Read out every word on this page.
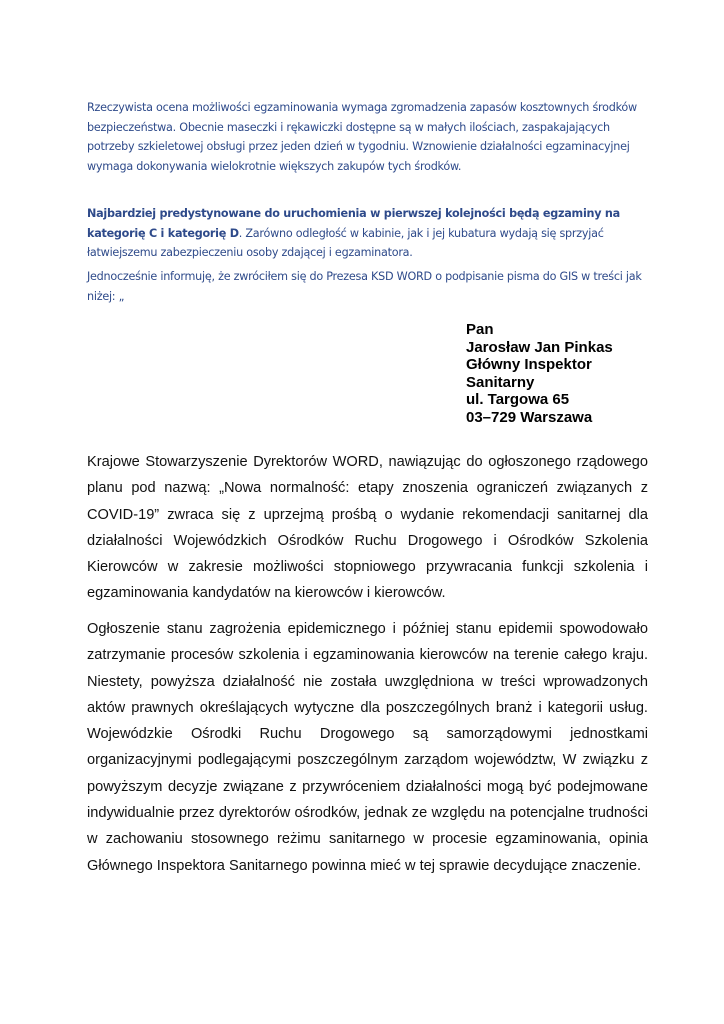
Rzeczywista ocena możliwości egzaminowania wymaga zgromadzenia zapasów kosztownych środków bezpieczeństwa. Obecnie maseczki i rękawiczki dostępne są w małych ilościach, zaspakajających potrzeby szkieletowej obsługi przez jeden dzień w tygodniu. Wznowienie działalności egzaminacyjnej wymaga dokonywania wielokrotnie większych zakupów tych środków.

Najbardziej predystynowane do uruchomienia w pierwszej kolejności będą egzaminy na kategorię C i kategorię D. Zarówno odległość w kabinie, jak i jej kubatura wydają się sprzyjać łatwiejszemu zabezpieczeniu osoby zdającej i egzaminatora.

Jednocześnie informuję, że zwróciłem się do Prezesa KSD WORD o podpisanie pisma do GIS w treści jak niżej: „

Pan
Jarosław Jan Pinkas
Główny Inspektor
Sanitarny
ul. Targowa 65
03–729 Warszawa

Krajowe Stowarzyszenie Dyrektorów WORD, nawiązując do ogłoszonego rządowego planu pod nazwą: „Nowa normalność: etapy znoszenia ograniczeń związanych z COVID-19” zwraca się z uprzejmą prośbą o wydanie rekomendacji sanitarnej dla działalności Wojewódzkich Ośrodków Ruchu Drogowego i Ośrodków Szkolenia Kierowców w zakresie możliwości stopniowego przywracania funkcji szkolenia i egzaminowania kandydatów na kierowców i kierowców.

Ogłoszenie stanu zagrożenia epidemicznego i później stanu epidemii spowodowało zatrzymanie procesów szkolenia i egzaminowania kierowców na terenie całego kraju. Niestety, powyższa działalność nie została uwzględniona w treści wprowadzonych aktów prawnych określających wytyczne dla poszczególnych branż i kategorii usług. Wojewódzkie Ośrodki Ruchu Drogowego są samorządowymi jednostkami organizacyjnymi podlegającymi poszczególnym zarządom województw, W związku z powyższym decyzje związane z przywróceniem działalności mogą być podejmowane indywidualnie przez dyrektorów ośrodków, jednak ze względu na potencjalne trudności w zachowaniu stosownego reżimu sanitarnego w procesie egzaminowania, opinia Głównego Inspektora Sanitarnego powinna mieć w tej sprawie decydujące znaczenie.
